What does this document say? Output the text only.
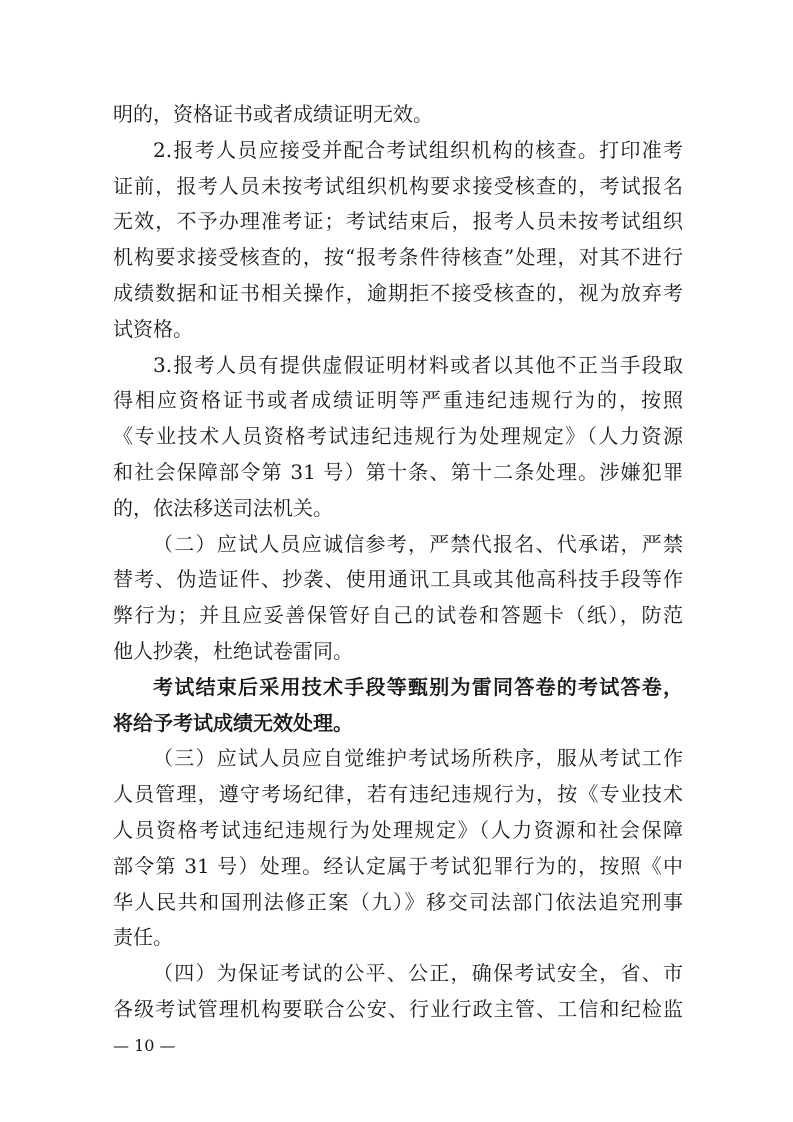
明的，资格证书或者成绩证明无效。
2.报考人员应接受并配合考试组织机构的核查。打印准考
证前，报考人员未按考试组织机构要求接受核查的，考试报名
无效，不予办理准考证；考试结束后，报考人员未按考试组织
机构要求接受核查的，按“报考条件待核查”处理，对其不进行
成绩数据和证书相关操作，逾期拒不接受核查的，视为放弃考
试资格。
3.报考人员有提供虚假证明材料或者以其他不正当手段取
得相应资格证书或者成绩证明等严重违纪违规行为的，按照
《专业技术人员资格考试违纪违规行为处理规定》（人力资源
和社会保障部令第 31 号）第十条、第十二条处理。涉嫌犯罪
的，依法移送司法机关。
（二）应试人员应诚信参考，严禁代报名、代承诺，严禁
替考、伪造证件、抄袭、使用通讯工具或其他高科技手段等作
弊行为；并且应妥善保管好自己的试卷和答题卡（纸），防范
他人抄袭，杜绝试卷雷同。
考试结束后采用技术手段等甄别为雷同答卷的考试答卷，
将给予考试成绩无效处理。
（三）应试人员应自觉维护考试场所秩序，服从考试工作
人员管理，遵守考场纪律，若有违纪违规行为，按《专业技术
人员资格考试违纪违规行为处理规定》（人力资源和社会保障
部令第 31 号）处理。经认定属于考试犯罪行为的，按照《中
华人民共和国刑法修正案（九）》移交司法部门依法追究刑事
责任。
（四）为保证考试的公平、公正，确保考试安全，省、市
各级考试管理机构要联合公安、行业行政主管、工信和纪检监
— 10 —
